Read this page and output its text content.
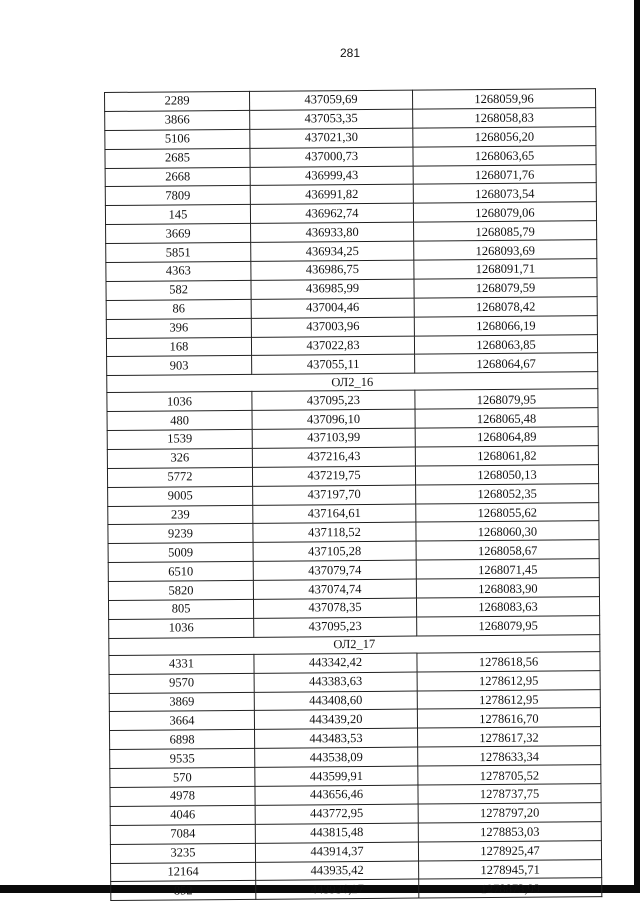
281
2289	437059,69	1268059,96
3866	437053,35	1268058,83
5106	437021,30	1268056,20
2685	437000,73	1268063,65
2668	436999,43	1268071,76
7809	436991,82	1268073,54
145	436962,74	1268079,06
3669	436933,80	1268085,79
5851	436934,25	1268093,69
4363	436986,75	1268091,71
582	436985,99	1268079,59
86	437004,46	1268078,42
396	437003,96	1268066,19
168	437022,83	1268063,85
903	437055,11	1268064,67
ОЛ2_16		
1036	437095,23	1268079,95
480	437096,10	1268065,48
1539	437103,99	1268064,89
326	437216,43	1268061,82
5772	437219,75	1268050,13
9005	437197,70	1268052,35
239	437164,61	1268055,62
9239	437118,52	1268060,30
5009	437105,28	1268058,67
6510	437079,74	1268071,45
5820	437074,74	1268083,90
805	437078,35	1268083,63
1036	437095,23	1268079,95
ОЛ2_17		
4331	443342,42	1278618,56
9570	443383,63	1278612,95
3869	443408,60	1278612,95
3664	443439,20	1278616,70
6898	443483,53	1278617,32
9535	443538,09	1278633,34
570	443599,91	1278705,52
4978	443656,46	1278737,75
4046	443772,95	1278797,20
7084	443815,48	1278853,03
3235	443914,37	1278925,47
12164	443935,42	1278945,71
852	443936,27	1278873,99
